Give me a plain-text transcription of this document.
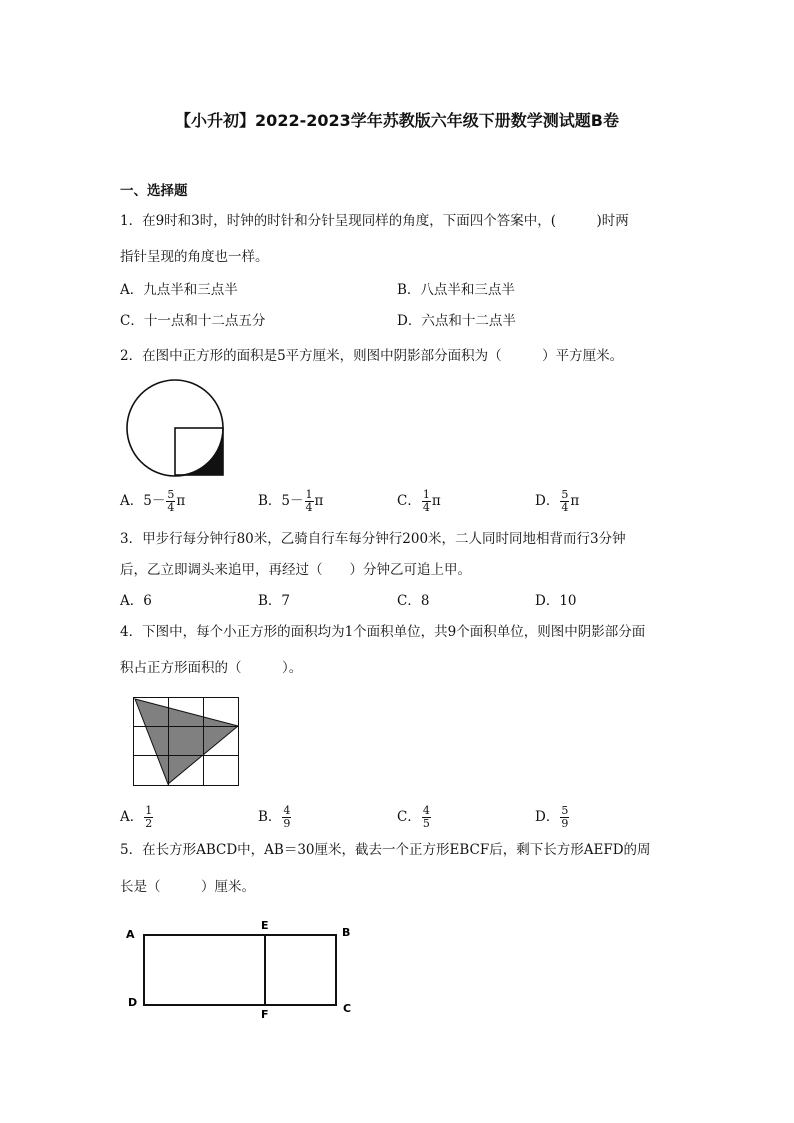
【小升初】2022-2023学年苏教版六年级下册数学测试题B卷
一、选择题
1．在9时和3时，时钟的时针和分针呈现同样的角度，下面四个答案中，(　　　)时两
指针呈现的角度也一样。
A．九点半和三点半	B．八点半和三点半
C．十一点和十二点五分	D．六点和十二点半
2．在图中正方形的面积是5平方厘米，则图中阴影部分面积为（　　　）平方厘米。
A．$5- \frac{5}{4}$ π	B．$5- \frac{1}{4}$ π	C． $\frac{1}{4}$ π	D． $\frac{5}{4}$ π
3．甲步行每分钟行80米，乙骑自行车每分钟行200米，二人同时同地相背而行3分钟
后，乙立即调头来追甲，再经过（　　）分钟乙可追上甲。
A．6	B．7	C．8	D．10
4．下图中，每个小正方形的面积均为1个面积单位，共9个面积单位，则图中阴影部分面
积占正方形面积的（　　　）。
A． $\frac{1}{2}$	B． $\frac{4}{9}$	C． $\frac{4}{5}$	D． $\frac{5}{9}$
5．在长方形ABCD中，AB＝30厘米，截去一个正方形EBCF后，剩下长方形AEFD的周
长是（　　　）厘米。
A
E
B
D
F	C
